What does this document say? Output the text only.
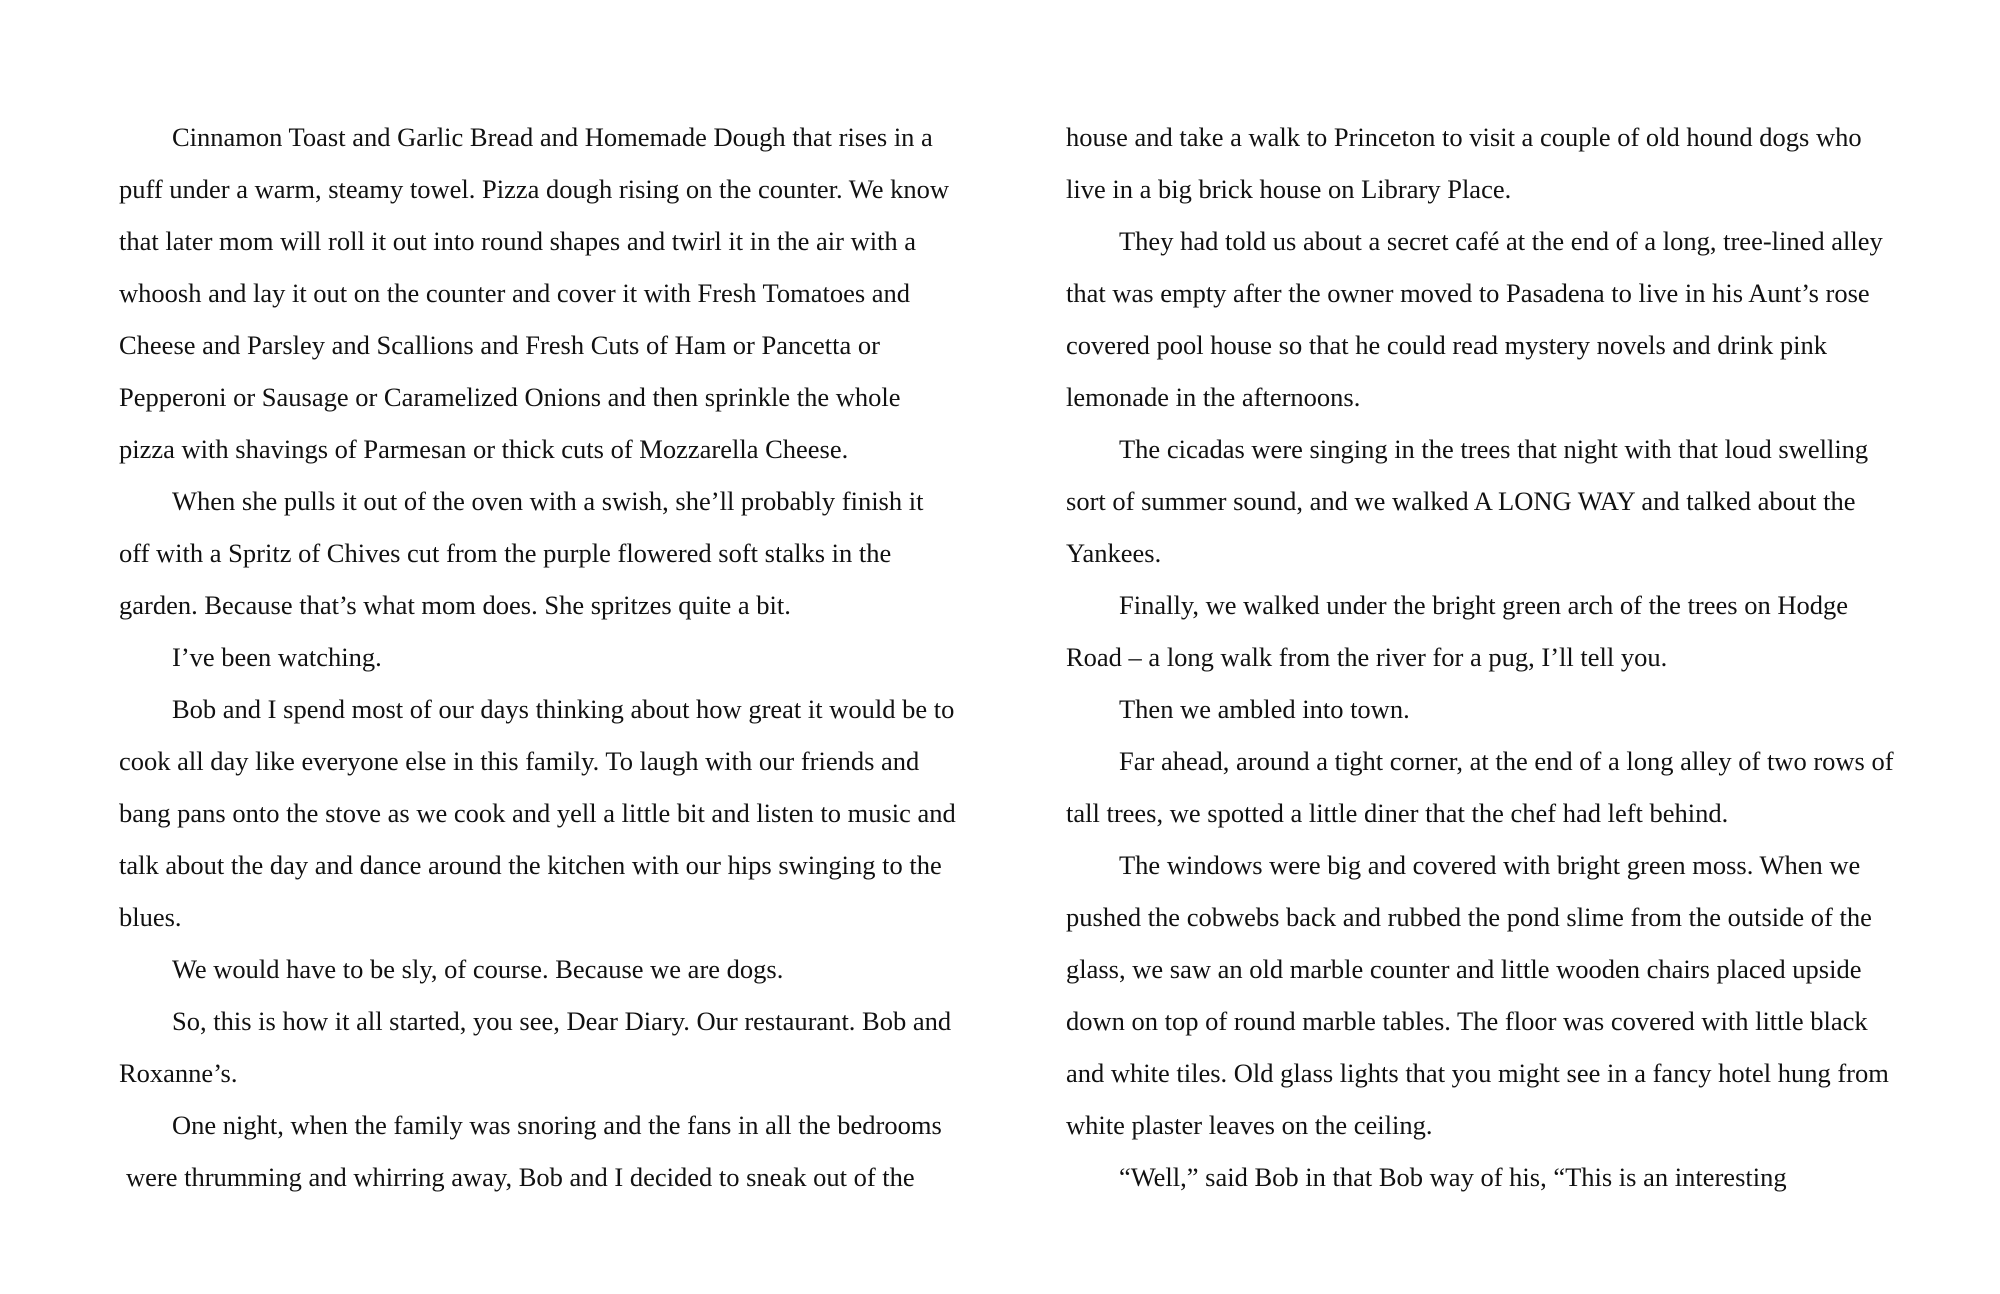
Cinnamon Toast and Garlic Bread and Homemade Dough that rises in a
puff under a warm, steamy towel. Pizza dough rising on the counter. We know
that later mom will roll it out into round shapes and twirl it in the air with a
whoosh and lay it out on the counter and cover it with Fresh Tomatoes and
Cheese and Parsley and Scallions and Fresh Cuts of Ham or Pancetta or
Pepperoni or Sausage or Caramelized Onions and then sprinkle the whole
pizza with shavings of Parmesan or thick cuts of Mozzarella Cheese.
When she pulls it out of the oven with a swish, she’ll probably finish it
off with a Spritz of Chives cut from the purple flowered soft stalks in the
garden. Because that’s what mom does. She spritzes quite a bit.
I’ve been watching.
Bob and I spend most of our days thinking about how great it would be to
cook all day like everyone else in this family. To laugh with our friends and
bang pans onto the stove as we cook and yell a little bit and listen to music and
talk about the day and dance around the kitchen with our hips swinging to the
blues.
We would have to be sly, of course. Because we are dogs.
So, this is how it all started, you see, Dear Diary. Our restaurant. Bob and
Roxanne’s.
One night, when the family was snoring and the fans in all the bedrooms
were thrumming and whirring away, Bob and I decided to sneak out of the
house and take a walk to Princeton to visit a couple of old hound dogs who
live in a big brick house on Library Place.
They had told us about a secret café at the end of a long, tree-lined alley
that was empty after the owner moved to Pasadena to live in his Aunt’s rose
covered pool house so that he could read mystery novels and drink pink
lemonade in the afternoons.
The cicadas were singing in the trees that night with that loud swelling
sort of summer sound, and we walked A LONG WAY and talked about the
Yankees.
Finally, we walked under the bright green arch of the trees on Hodge
Road – a long walk from the river for a pug, I’ll tell you.
Then we ambled into town.
Far ahead, around a tight corner, at the end of a long alley of two rows of
tall trees, we spotted a little diner that the chef had left behind.
The windows were big and covered with bright green moss. When we
pushed the cobwebs back and rubbed the pond slime from the outside of the
glass, we saw an old marble counter and little wooden chairs placed upside
down on top of round marble tables. The floor was covered with little black
and white tiles. Old glass lights that you might see in a fancy hotel hung from
white plaster leaves on the ceiling.
“Well,” said Bob in that Bob way of his, “This is an interesting
